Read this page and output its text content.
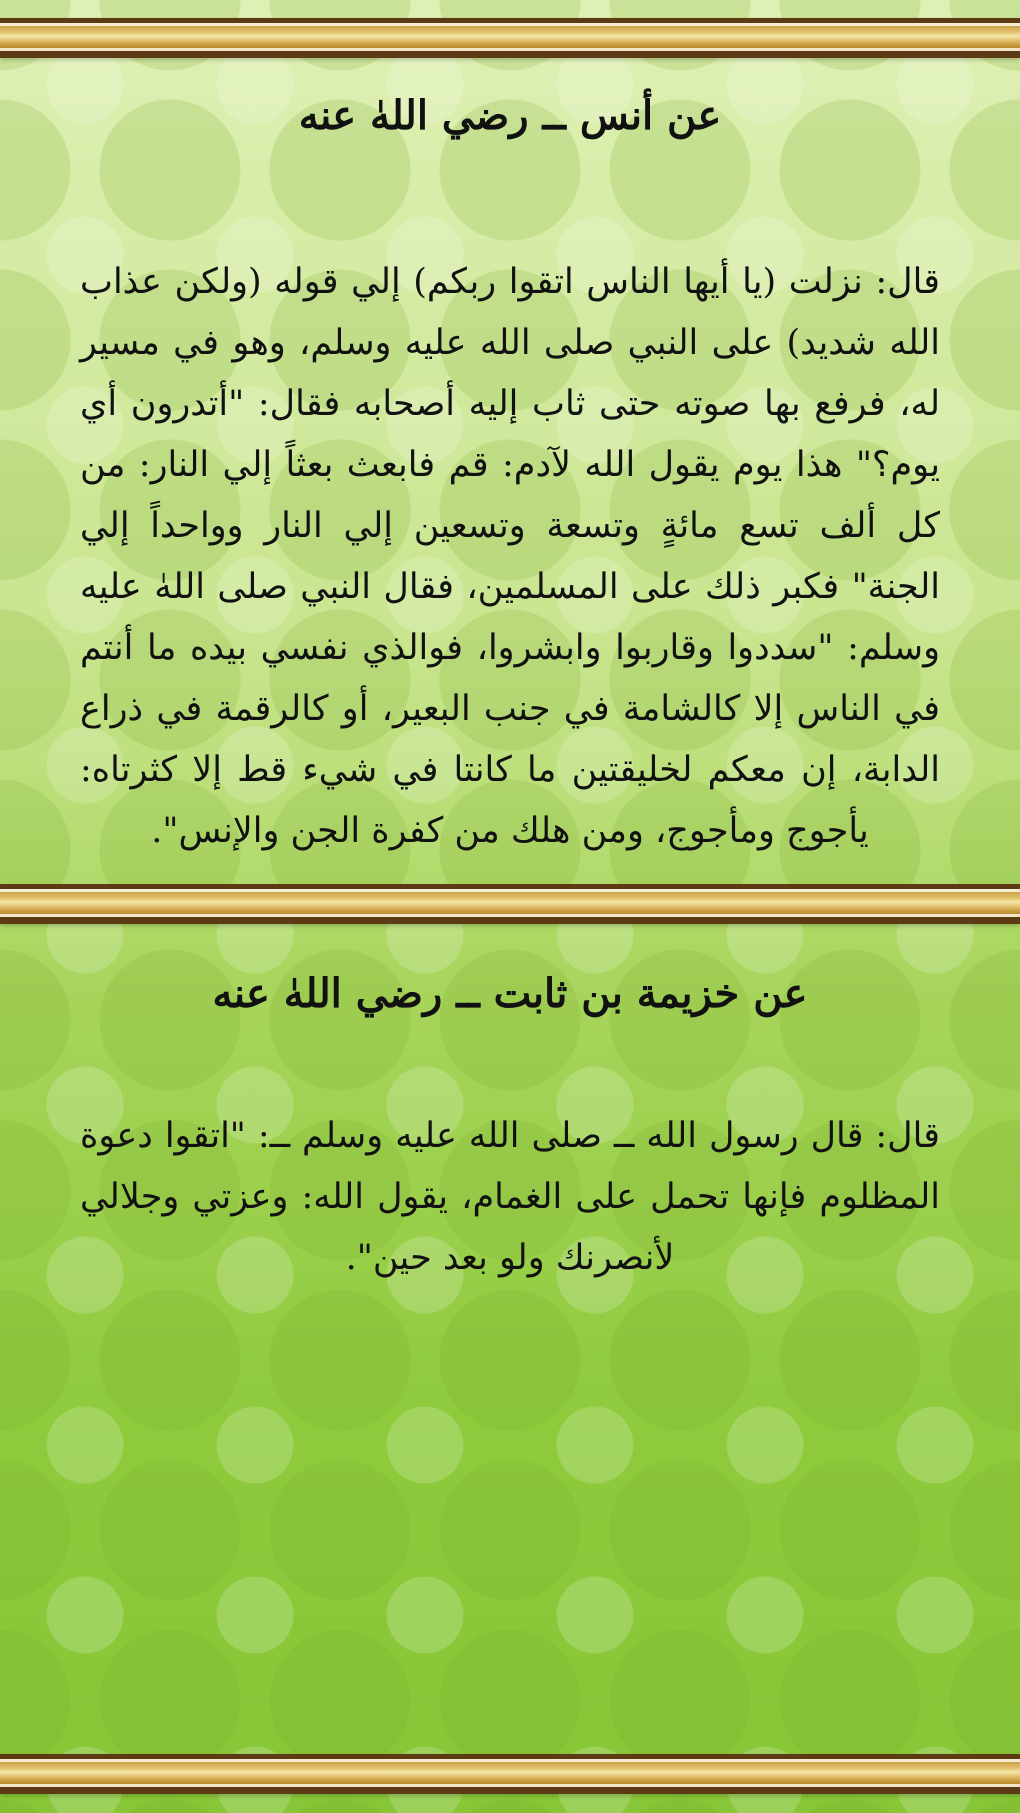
عن أنس ــ رضي اللهٰ عنه

قال: نزلت (يا أيها الناس اتقوا ربكم) إلي قوله (ولكن عذاب الله شديد) على النبي صلى الله عليه وسلم، وهو في مسير له، فرفع بها صوته حتى ثاب إليه أصحابه فقال: "أتدرون أي يوم؟" هذا يوم يقول الله لآدم: قم فابعث بعثاً إلي النار: من كل ألف تسع مائةٍ وتسعة وتسعين إلي النار وواحداً إلي الجنة" فكبر ذلك على المسلمين، فقال النبي صلى اللهٰ عليه وسلم: "سددوا وقاربوا وابشروا، فوالذي نفسي بيده ما أنتم في الناس إلا كالشامة في جنب البعير، أو كالرقمة في ذراع الدابة، إن معكم لخليقتين ما كانتا في شيء قط إلا كثرتاه: يأجوج ومأجوج، ومن هلك من كفرة الجن والإنس".

عن خزيمة بن ثابت ــ رضي اللهٰ عنه

قال: قال رسول الله ــ صلى الله عليه وسلم ــ: "اتقوا دعوة المظلوم فإنها تحمل على الغمام، يقول الله: وعزتي وجلالي لأنصرنك ولو بعد حين".
